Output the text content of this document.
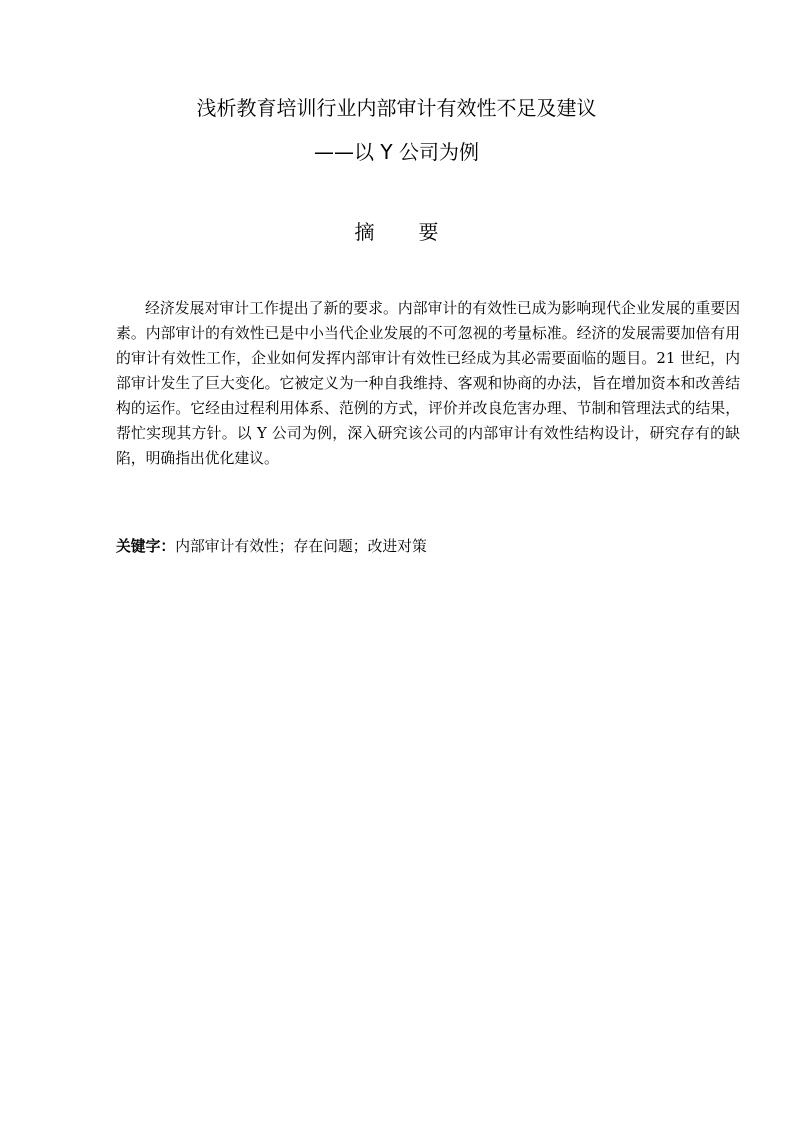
浅析教育培训行业内部审计有效性不足及建议
——以 Y 公司为例
摘 要

经济发展对审计工作提出了新的要求。内部审计的有效性已成为影响现代企业发展的重要因素。内部审计的有效性已是中小当代企业发展的不可忽视的考量标准。经济的发展需要加倍有用的审计有效性工作，企业如何发挥内部审计有效性已经成为其必需要面临的题目。21 世纪，内部审计发生了巨大变化。它被定义为一种自我维持、客观和协商的办法，旨在增加资本和改善结构的运作。它经由过程利用体系、范例的方式，评价并改良危害办理、节制和管理法式的结果，帮忙实现其方针。以 Y 公司为例，深入研究该公司的内部审计有效性结构设计，研究存有的缺陷，明确指出优化建议。

关键字：内部审计有效性；存在问题；改进对策
